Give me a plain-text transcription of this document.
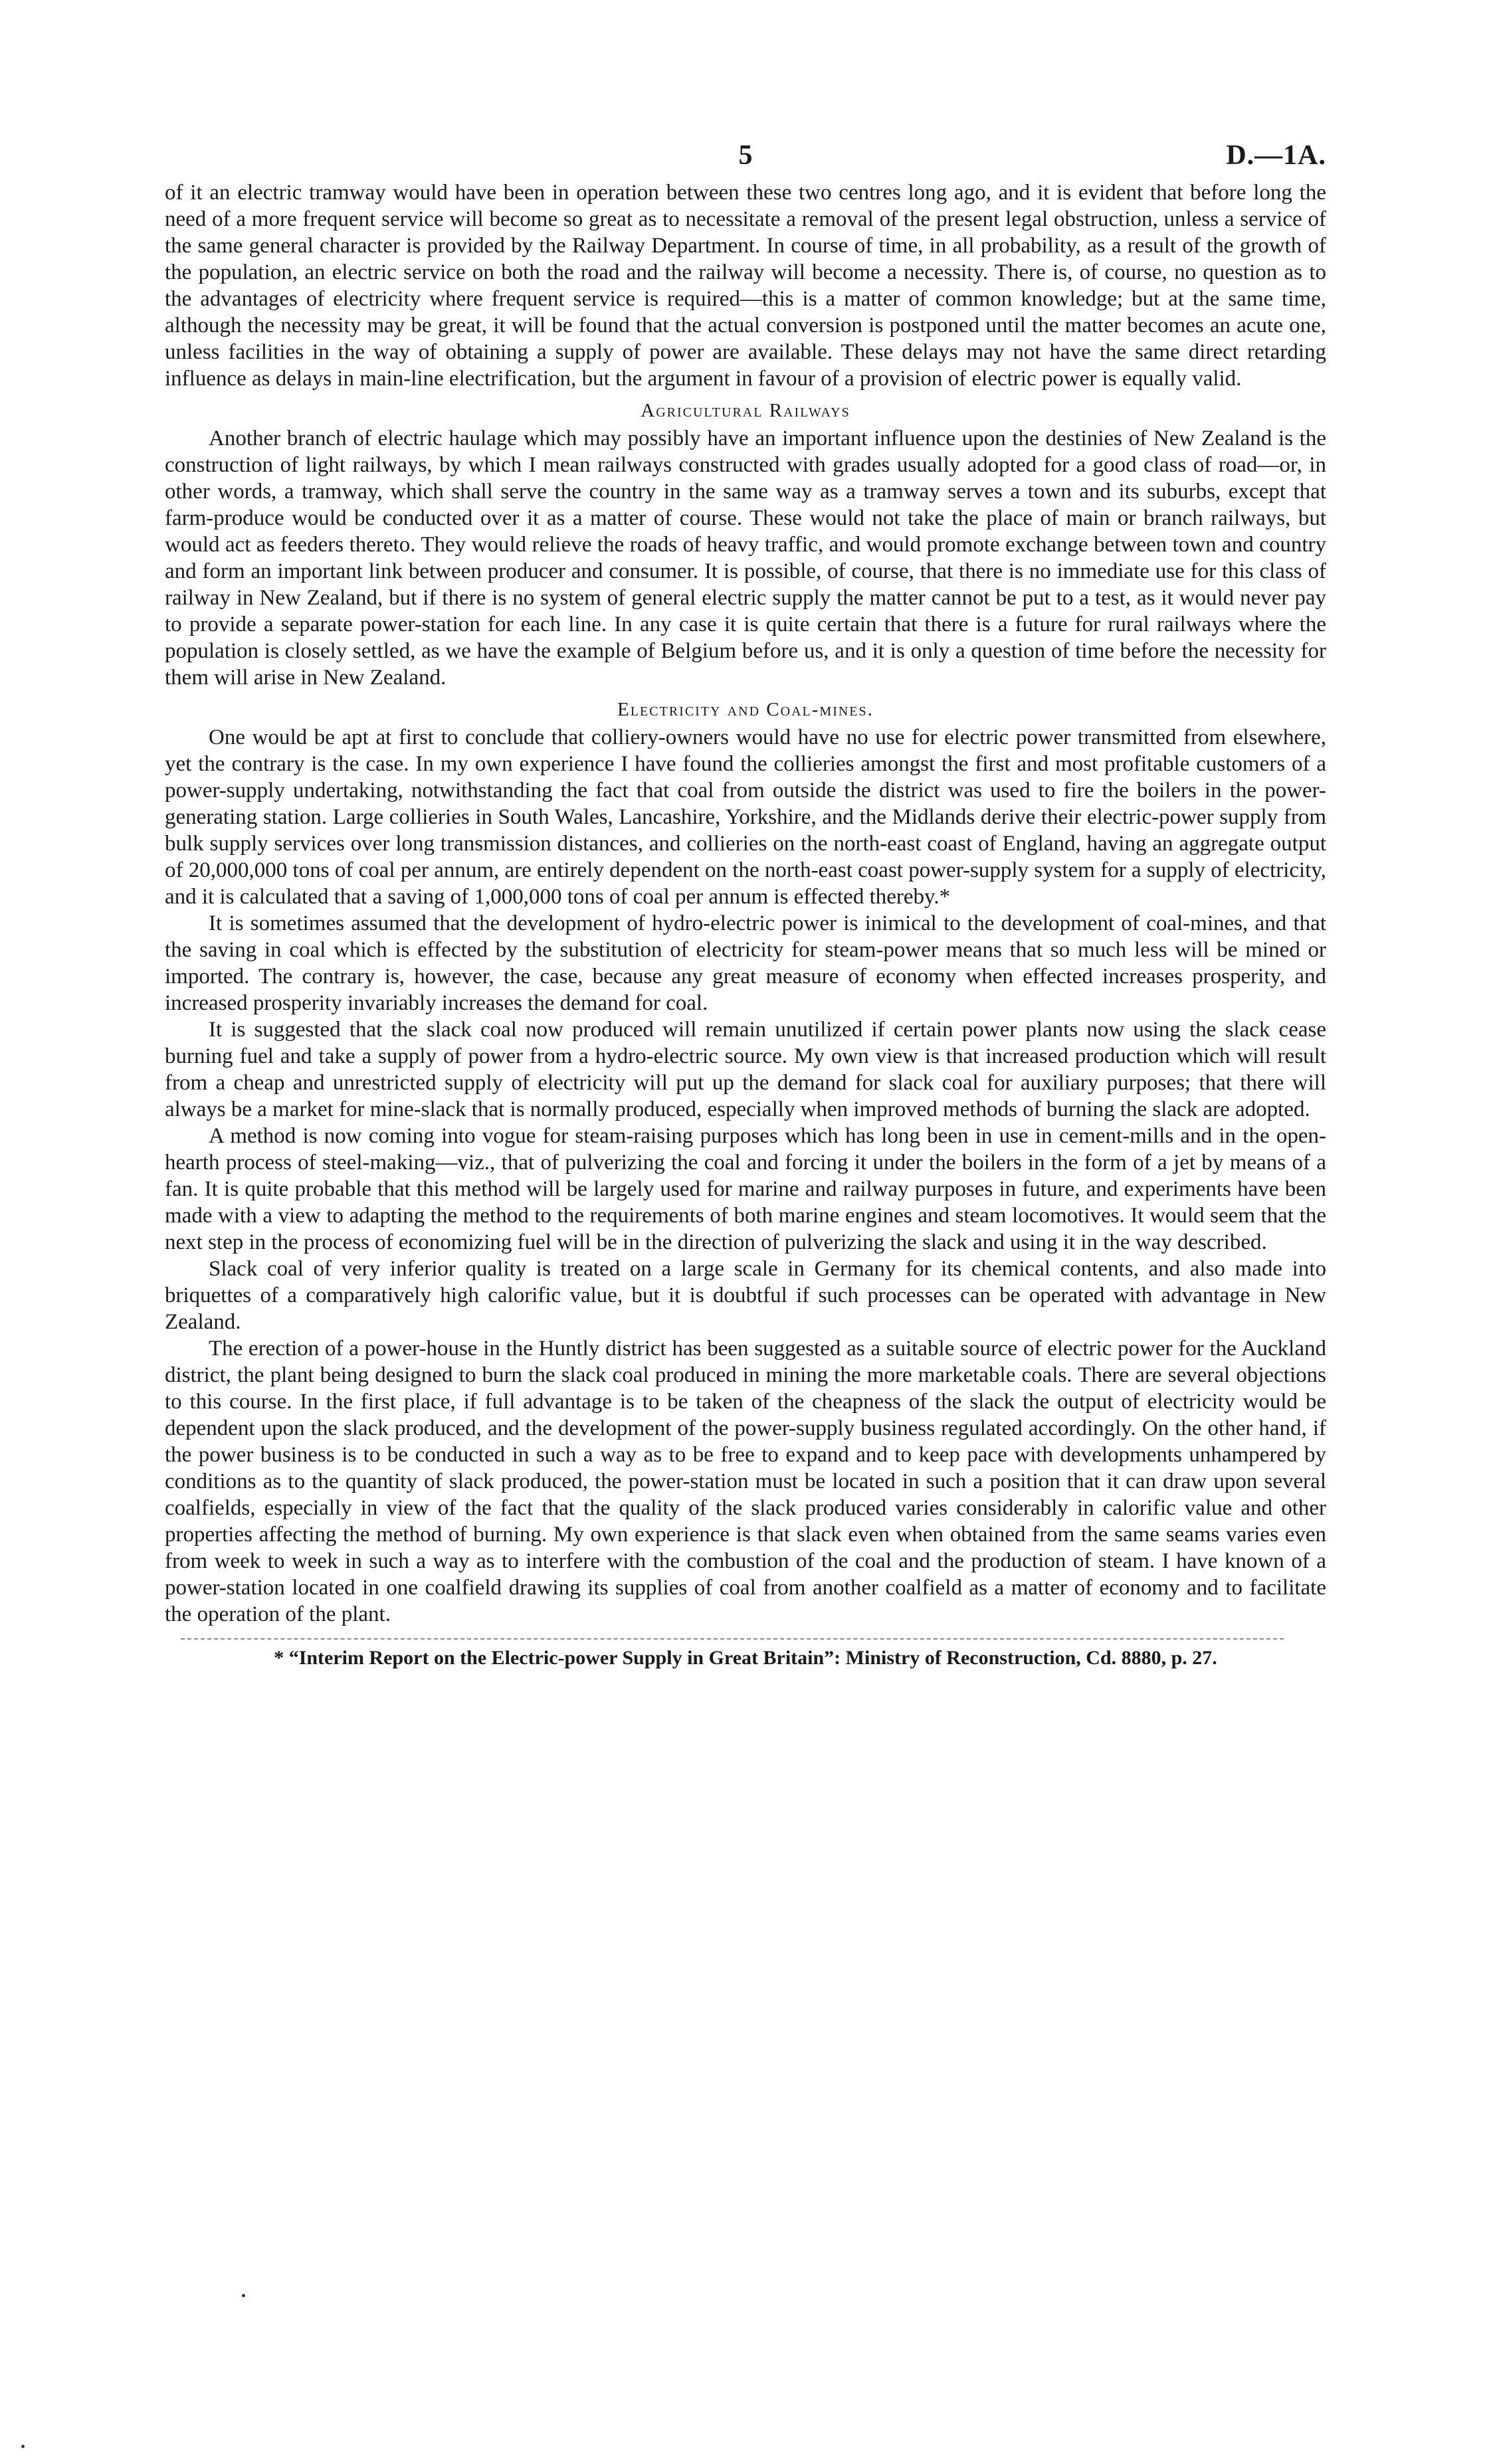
5	D.—1A.

of it an electric tramway would have been in operation between these two centres long ago, and it is evident that before long the need of a more frequent service will become so great as to necessitate a removal of the present legal obstruction, unless a service of the same general character is provided by the Railway Department. In course of time, in all probability, as a result of the growth of the population, an electric service on both the road and the railway will become a necessity. There is, of course, no question as to the advantages of electricity where frequent service is required—this is a matter of common knowledge; but at the same time, although the necessity may be great, it will be found that the actual conversion is postponed until the matter becomes an acute one, unless facilities in the way of obtaining a supply of power are available. These delays may not have the same direct retarding influence as delays in main-line electrification, but the argument in favour of a provision of electric power is equally valid.

Agricultural Railways

Another branch of electric haulage which may possibly have an important influence upon the destinies of New Zealand is the construction of light railways, by which I mean railways constructed with grades usually adopted for a good class of road—or, in other words, a tramway, which shall serve the country in the same way as a tramway serves a town and its suburbs, except that farm-produce would be conducted over it as a matter of course. These would not take the place of main or branch railways, but would act as feeders thereto. They would relieve the roads of heavy traffic, and would promote exchange between town and country and form an important link between producer and consumer. It is possible, of course, that there is no immediate use for this class of railway in New Zealand, but if there is no system of general electric supply the matter cannot be put to a test, as it would never pay to provide a separate power-station for each line. In any case it is quite certain that there is a future for rural railways where the population is closely settled, as we have the example of Belgium before us, and it is only a question of time before the necessity for them will arise in New Zealand.

Electricity and Coal-mines.

One would be apt at first to conclude that colliery-owners would have no use for electric power transmitted from elsewhere, yet the contrary is the case. In my own experience I have found the collieries amongst the first and most profitable customers of a power-supply undertaking, notwithstanding the fact that coal from outside the district was used to fire the boilers in the power-generating station. Large collieries in South Wales, Lancashire, Yorkshire, and the Midlands derive their electric-power supply from bulk supply services over long transmission distances, and collieries on the north-east coast of England, having an aggregate output of 20,000,000 tons of coal per annum, are entirely dependent on the north-east coast power-supply system for a supply of electricity, and it is calculated that a saving of 1,000,000 tons of coal per annum is effected thereby.*

It is sometimes assumed that the development of hydro-electric power is inimical to the development of coal-mines, and that the saving in coal which is effected by the substitution of electricity for steam-power means that so much less will be mined or imported. The contrary is, however, the case, because any great measure of economy when effected increases prosperity, and increased prosperity invariably increases the demand for coal.

It is suggested that the slack coal now produced will remain unutilized if certain power plants now using the slack cease burning fuel and take a supply of power from a hydro-electric source. My own view is that increased production which will result from a cheap and unrestricted supply of electricity will put up the demand for slack coal for auxiliary purposes; that there will always be a market for mine-slack that is normally produced, especially when improved methods of burning the slack are adopted.

A method is now coming into vogue for steam-raising purposes which has long been in use in cement-mills and in the open-hearth process of steel-making—viz., that of pulverizing the coal and forcing it under the boilers in the form of a jet by means of a fan. It is quite probable that this method will be largely used for marine and railway purposes in future, and experiments have been made with a view to adapting the method to the requirements of both marine engines and steam locomotives. It would seem that the next step in the process of economizing fuel will be in the direction of pulverizing the slack and using it in the way described.

Slack coal of very inferior quality is treated on a large scale in Germany for its chemical contents, and also made into briquettes of a comparatively high calorific value, but it is doubtful if such processes can be operated with advantage in New Zealand.

The erection of a power-house in the Huntly district has been suggested as a suitable source of electric power for the Auckland district, the plant being designed to burn the slack coal produced in mining the more marketable coals. There are several objections to this course. In the first place, if full advantage is to be taken of the cheapness of the slack the output of electricity would be dependent upon the slack produced, and the development of the power-supply business regulated accordingly. On the other hand, if the power business is to be conducted in such a way as to be free to expand and to keep pace with developments unhampered by conditions as to the quantity of slack produced, the power-station must be located in such a position that it can draw upon several coalfields, especially in view of the fact that the quality of the slack produced varies considerably in calorific value and other properties affecting the method of burning. My own experience is that slack even when obtained from the same seams varies even from week to week in such a way as to interfere with the combustion of the coal and the production of steam. I have known of a power-station located in one coalfield drawing its supplies of coal from another coalfield as a matter of economy and to facilitate the operation of the plant.

* “Interim Report on the Electric-power Supply in Great Britain”: Ministry of Reconstruction, Cd. 8880, p. 27.
